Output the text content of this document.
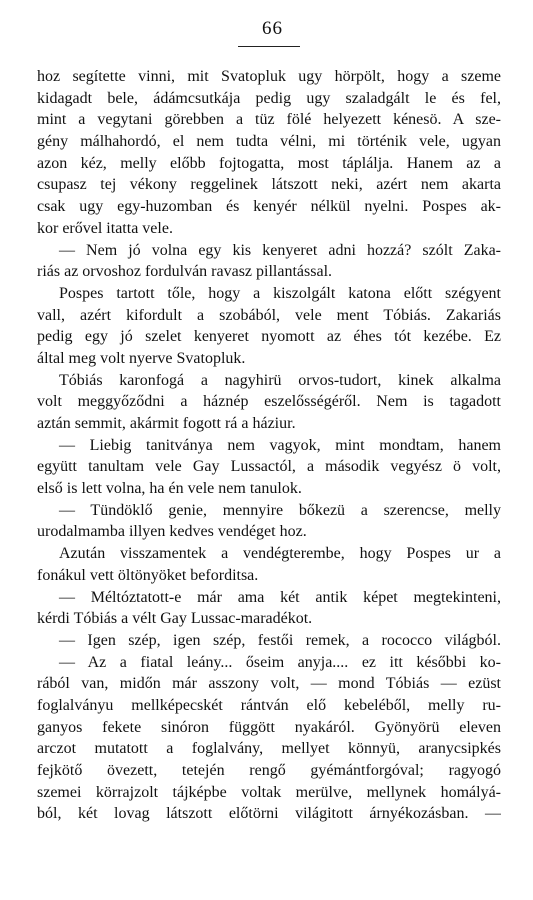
66
hoz segítette vinni, mit Svatopluk ugy hörpölt, hogy a szeme
kidagadt bele, ádámcsutkája pedig ugy szaladgált le és fel,
mint a vegytani görebben a tüz fölé helyezett kénesö. A sze-
gény málhahordó, el nem tudta vélni, mi történik vele, ugyan
azon kéz, melly előbb fojtogatta, most táplálja. Hanem az a
csupasz tej vékony reggelinek látszott neki, azért nem akarta
csak ugy egy-huzomban és kenyér nélkül nyelni. Pospes ak-
kor erővel itatta vele.
— Nem jó volna egy kis kenyeret adni hozzá? szólt Zaka-
riás az orvoshoz fordulván ravasz pillantással.
Pospes tartott tőle, hogy a kiszolgált katona előtt szégyent
vall, azért kifordult a szobából, vele ment Tóbiás. Zakariás
pedig egy jó szelet kenyeret nyomott az éhes tót kezébe. Ez
által meg volt nyerve Svatopluk.
Tóbiás karonfogá a nagyhirü orvos-tudort, kinek alkalma
volt meggyőződni a háznép eszelősségéről. Nem is tagadott
aztán semmit, akármit fogott rá a háziur.
— Liebig tanitványa nem vagyok, mint mondtam, hanem
együtt tanultam vele Gay Lussactól, a második vegyész ö volt,
első is lett volna, ha én vele nem tanulok.
— Tündöklő genie, mennyire bőkezü a szerencse, melly
urodalmamba illyen kedves vendéget hoz.
Azután visszamentek a vendégterembe, hogy Pospes ur a
fonákul vett öltönyöket beforditsa.
— Méltóztatott-e már ama két antik képet megtekinteni,
kérdi Tóbiás a vélt Gay Lussac-maradékot.
— Igen szép, igen szép, festői remek, a rococco világból.
— Az a fiatal leány... őseim anyja.... ez itt későbbi ko-
rából van, midőn már asszony volt, — mond Tóbiás — ezüst
foglalványu mellképecskét rántván elő kebeléből, melly ru-
ganyos fekete sinóron függött nyakáról. Gyönyörü eleven
arczot mutatott a foglalvány, mellyet könnyü, aranycsipkés
fejkötő övezett, tetején rengő gyémántforgóval; ragyogó
szemei körrajzolt tájképbe voltak merülve, mellynek homályá-
ból, két lovag látszott előtörni világitott árnyékozásban. —
